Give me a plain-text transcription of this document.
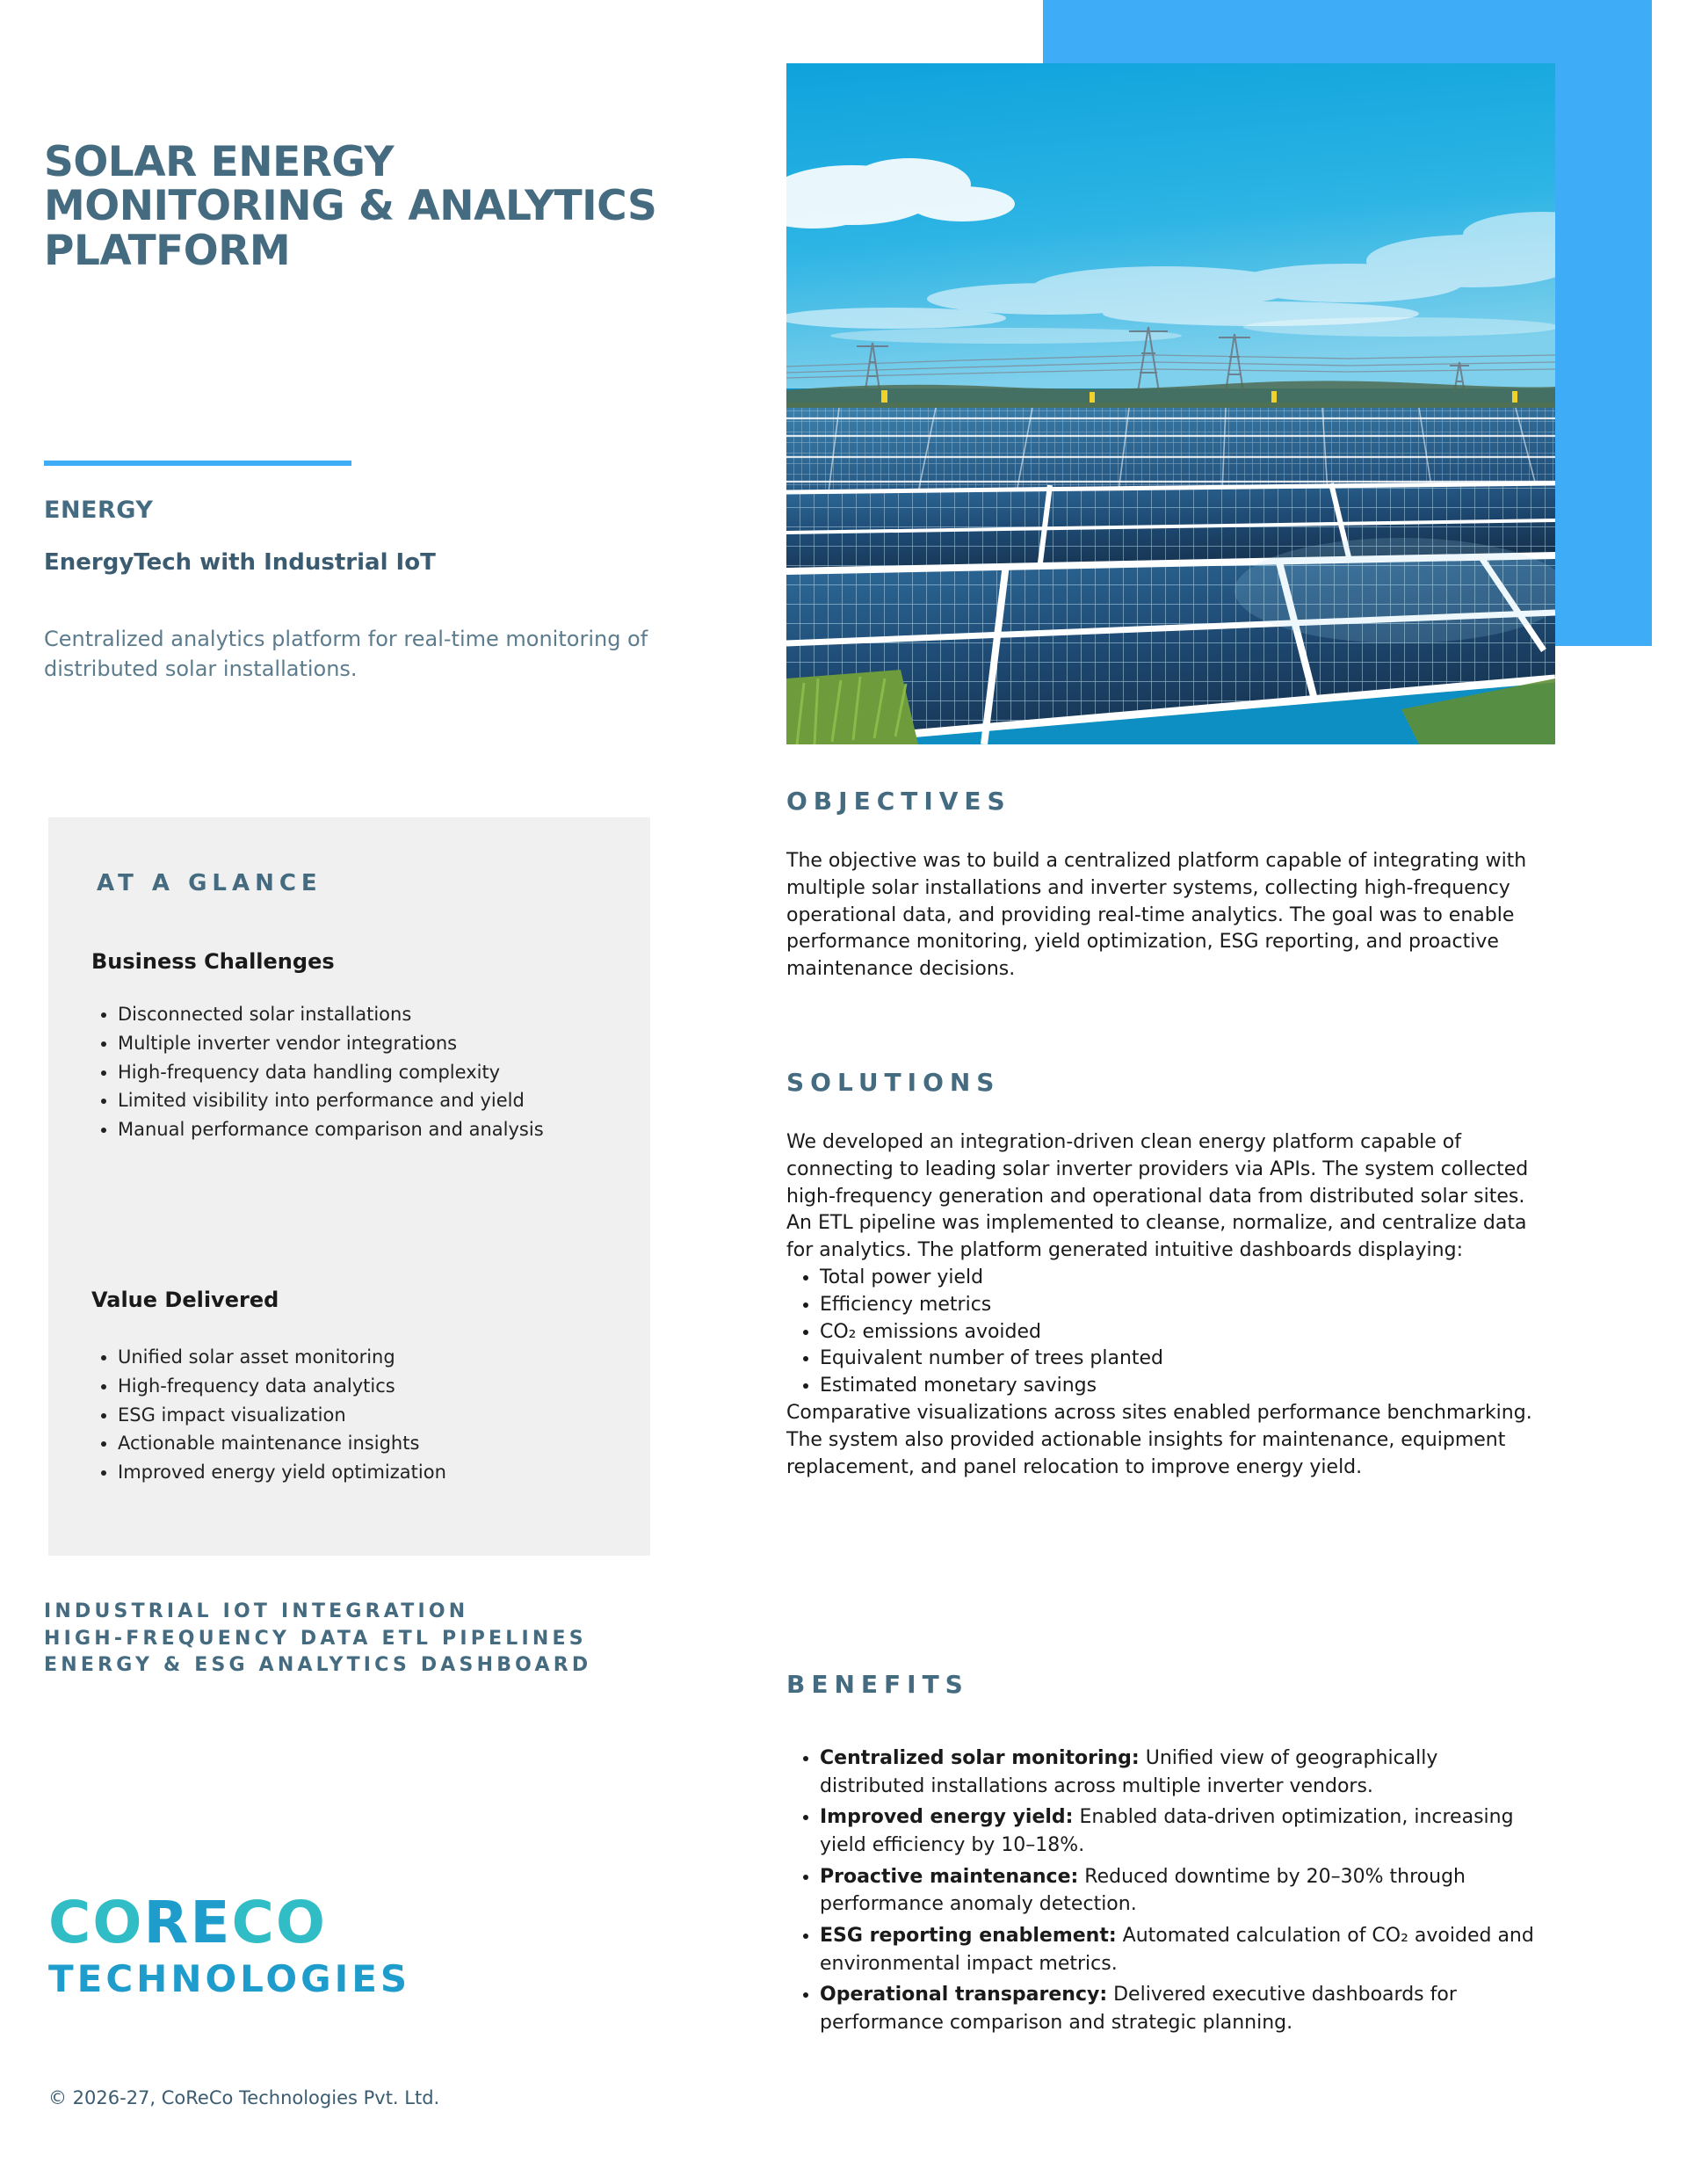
SOLAR ENERGY MONITORING & ANALYTICS PLATFORM
ENERGY
EnergyTech with Industrial IoT
Centralized analytics platform for real-time monitoring of distributed solar installations.
AT A GLANCE
Business Challenges
• Disconnected solar installations
• Multiple inverter vendor integrations
• High-frequency data handling complexity
• Limited visibility into performance and yield
• Manual performance comparison and analysis
Value Delivered
• Unified solar asset monitoring
• High-frequency data analytics
• ESG impact visualization
• Actionable maintenance insights
• Improved energy yield optimization
INDUSTRIAL IOT INTEGRATION
HIGH-FREQUENCY DATA ETL PIPELINES
ENERGY & ESG ANALYTICS DASHBOARD
CORECO
TECHNOLOGIES
© 2026-27, CoReCo Technologies Pvt. Ltd.
OBJECTIVES

The objective was to build a centralized platform capable of integrating with multiple solar installations and inverter systems, collecting high-frequency operational data, and providing real-time analytics. The goal was to enable performance monitoring, yield optimization, ESG reporting, and proactive maintenance decisions.

SOLUTIONS

We developed an integration-driven clean energy platform capable of connecting to leading solar inverter providers via APIs. The system collected high-frequency generation and operational data from distributed solar sites.

An ETL pipeline was implemented to cleanse, normalize, and centralize data for analytics. The platform generated intuitive dashboards displaying:

• Total power yield
• Efficiency metrics
• CO₂ emissions avoided
• Equivalent number of trees planted
• Estimated monetary savings

Comparative visualizations across sites enabled performance benchmarking. The system also provided actionable insights for maintenance, equipment replacement, and panel relocation to improve energy yield.

BENEFITS
• Centralized solar monitoring: Unified view of geographically distributed installations across multiple inverter vendors.
• Improved energy yield: Enabled data-driven optimization, increasing yield efficiency by 10–18%.
• Proactive maintenance: Reduced downtime by 20–30% through performance anomaly detection.
• ESG reporting enablement: Automated calculation of CO₂ avoided and environmental impact metrics.
• Operational transparency: Delivered executive dashboards for performance comparison and strategic planning.
